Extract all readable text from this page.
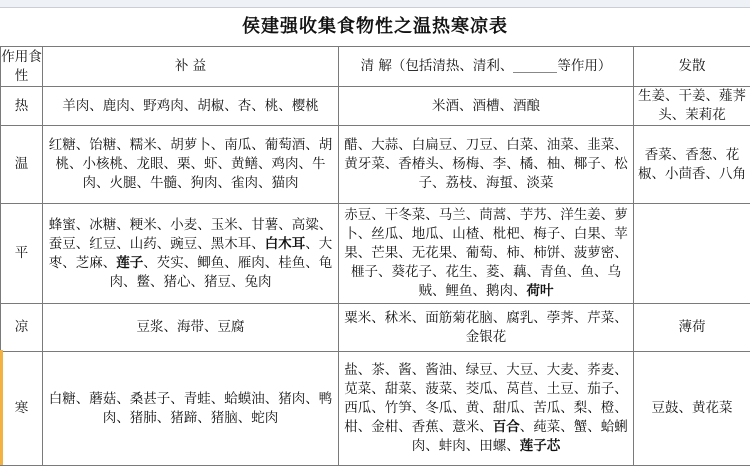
侯建强收集食物性之温热寒凉表
作用食性	补 益	清 解（包括清热、清利、 等作用）	发散
热	羊肉、鹿肉、野鸡肉、胡椒、杏、桃、樱桃	米酒、酒槽、酒酿	生姜、干姜、薤荠头、茉莉花
温	红糖、饴糖、糯米、胡萝卜、南瓜、葡萄酒、胡桃、小核桃、龙眼、栗、虾、黄鳝、鸡肉、牛肉、火腿、牛髓、狗肉、雀肉、猫肉	醋、大蒜、白扁豆、刀豆、白菜、油菜、韭菜、黄牙菜、香椿头、杨梅、李、橘、柚、椰子、松子、荔枝、海蜇、淡菜	香菜、香葱、花椒、小茴香、八角
平	蜂蜜、冰糖、粳米、小麦、玉米、甘薯、高粱、蚕豆、红豆、山药、豌豆、黑木耳、白木耳、大枣、芝麻、莲子、芡实、鲫鱼、雁肉、桂鱼、龟肉、鳖、猪心、猪豆、兔肉	赤豆、干冬菜、马兰、茼蒿、芋艿、洋生姜、萝卜、丝瓜、地瓜、山楂、枇杷、梅子、白果、苹果、芒果、无花果、葡萄、柿、柿饼、菠萝密、榧子、葵花子、花生、菱、藕、青鱼、鱼、乌贼、鲤鱼、鹅肉、荷叶	
凉	豆浆、海带、豆腐	粟米、秫米、面筋菊花脑、腐乳、荸荠、芹菜、金银花	薄荷
寒	白糖、蘑菇、桑甚子、青蛙、蛤蟆油、猪肉、鸭肉、猪肺、猪蹄、猪脑、蛇肉	盐、茶、酱、酱油、绿豆、大豆、大麦、荞麦、苋菜、甜菜、菠菜、茭瓜、莴苣、土豆、茄子、西瓜、竹笋、冬瓜、黄、甜瓜、苦瓜、梨、橙、柑、金柑、香蕉、薏米、百合、莼菜、蟹、蛤蜊肉、蚌肉、田螺、莲子芯	豆鼓、黄花菜
